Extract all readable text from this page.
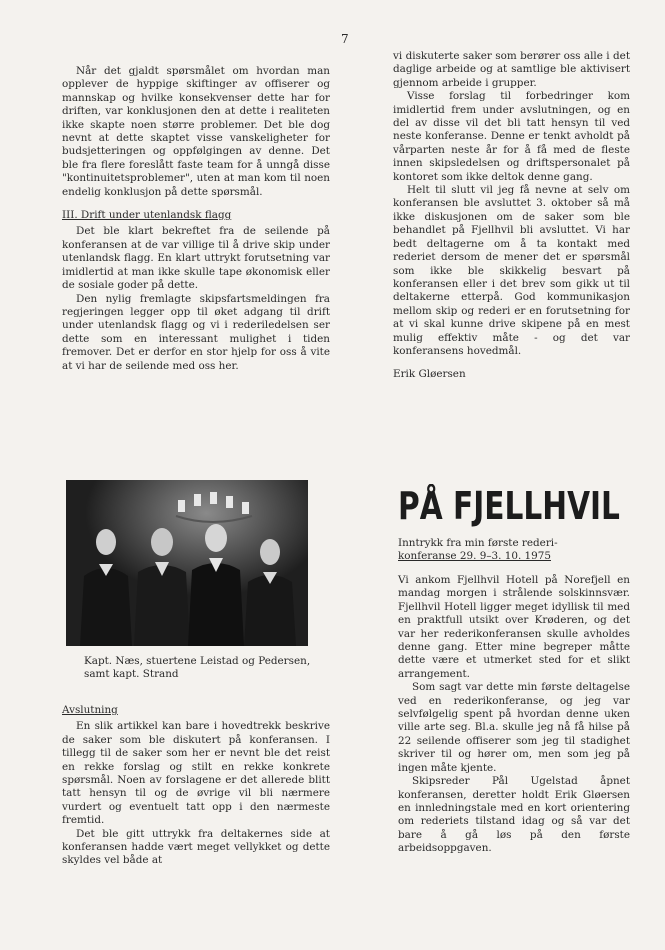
7

Når det gjaldt spørsmålet om hvordan man opplever de hyppige skiftinger av offiserer og mannskap og hvilke konsekvenser dette har for driften, var konklusjonen den at dette i realiteten ikke skapte noen større problemer. Det ble dog nevnt at dette skaptet visse vanskeligheter for budsjetteringen og oppfølgingen av denne. Det ble fra flere foreslått faste team for å unngå disse "kontinuitetsproblemer", uten at man kom til noen endelig konklusjon på dette spørsmål.

III. Drift under utenlandsk flagg

Det ble klart bekreftet fra de seilende på konferansen at de var villige til å drive skip under utenlandsk flagg. En klart uttrykt forutsetning var imidlertid at man ikke skulle tape økonomisk eller de sosiale goder på dette.

Den nylig fremlagte skipsfartsmeldingen fra regjeringen legger opp til øket adgang til drift under utenlandsk flagg og vi i rederiledelsen ser dette som en interessant mulighet i tiden fremover. Det er derfor en stor hjelp for oss å vite at vi har de seilende med oss her.

Kapt. Næs, stuertene Leistad og Pedersen, samt kapt. Strand

Avslutning

En slik artikkel kan bare i hovedtrekk beskrive de saker som ble diskutert på konferansen. I tillegg til de saker som her er nevnt ble det reist en rekke forslag og stilt en rekke konkrete spørsmål. Noen av forslagene er det allerede blitt tatt hensyn til og de øvrige vil bli nærmere vurdert og eventuelt tatt opp i den nærmeste fremtid.

Det ble gitt uttrykk fra deltakernes side at konferansen hadde vært meget vellykket og dette skyldes vel både at

vi diskuterte saker som berører oss alle i det daglige arbeide og at samtlige ble aktivisert gjennom arbeide i grupper.

Visse forslag til forbedringer kom imidlertid frem under avslutningen, og en del av disse vil det bli tatt hensyn til ved neste konferanse. Denne er tenkt avholdt på vårparten neste år for å få med de fleste innen skipsledelsen og driftspersonalet på kontoret som ikke deltok denne gang.

Helt til slutt vil jeg få nevne at selv om konferansen ble avsluttet 3. oktober så må ikke diskusjonen om de saker som ble behandlet på Fjellhvil bli avsluttet. Vi har bedt deltagerne om å ta kontakt med rederiet dersom de mener det er spørsmål som ikke ble skikkelig besvart på konferansen eller i det brev som gikk ut til deltakerne etterpå. God kommunikasjon mellom skip og rederi er en forutsetning for at vi skal kunne drive skipene på en mest mulig effektiv måte - og det var konferansens hovedmål.

Erik Gløersen

PÅ FJELLHVIL
Inntrykk fra min første rederi-
konferanse 29. 9–3. 10. 1975

Vi ankom Fjellhvil Hotell på Norefjell en mandag morgen i strålende solskinnsvær. Fjellhvil Hotell ligger meget idyllisk til med en praktfull utsikt over Krøderen, og det var her rederikonferansen skulle avholdes denne gang. Etter mine begreper måtte dette være et utmerket sted for et slikt arrangement.

Som sagt var dette min første deltagelse ved en rederikonferanse, og jeg var selvfølgelig spent på hvordan denne uken ville arte seg. Bl.a. skulle jeg nå få hilse på 22 seilende offiserer som jeg til stadighet skriver til og hører om, men som jeg på ingen måte kjente.

Skipsreder Pål Ugelstad åpnet konferansen, deretter holdt Erik Gløersen en innledningstale med en kort orientering om rederiets tilstand idag og så var det bare å gå løs på den første arbeidsoppgaven.
